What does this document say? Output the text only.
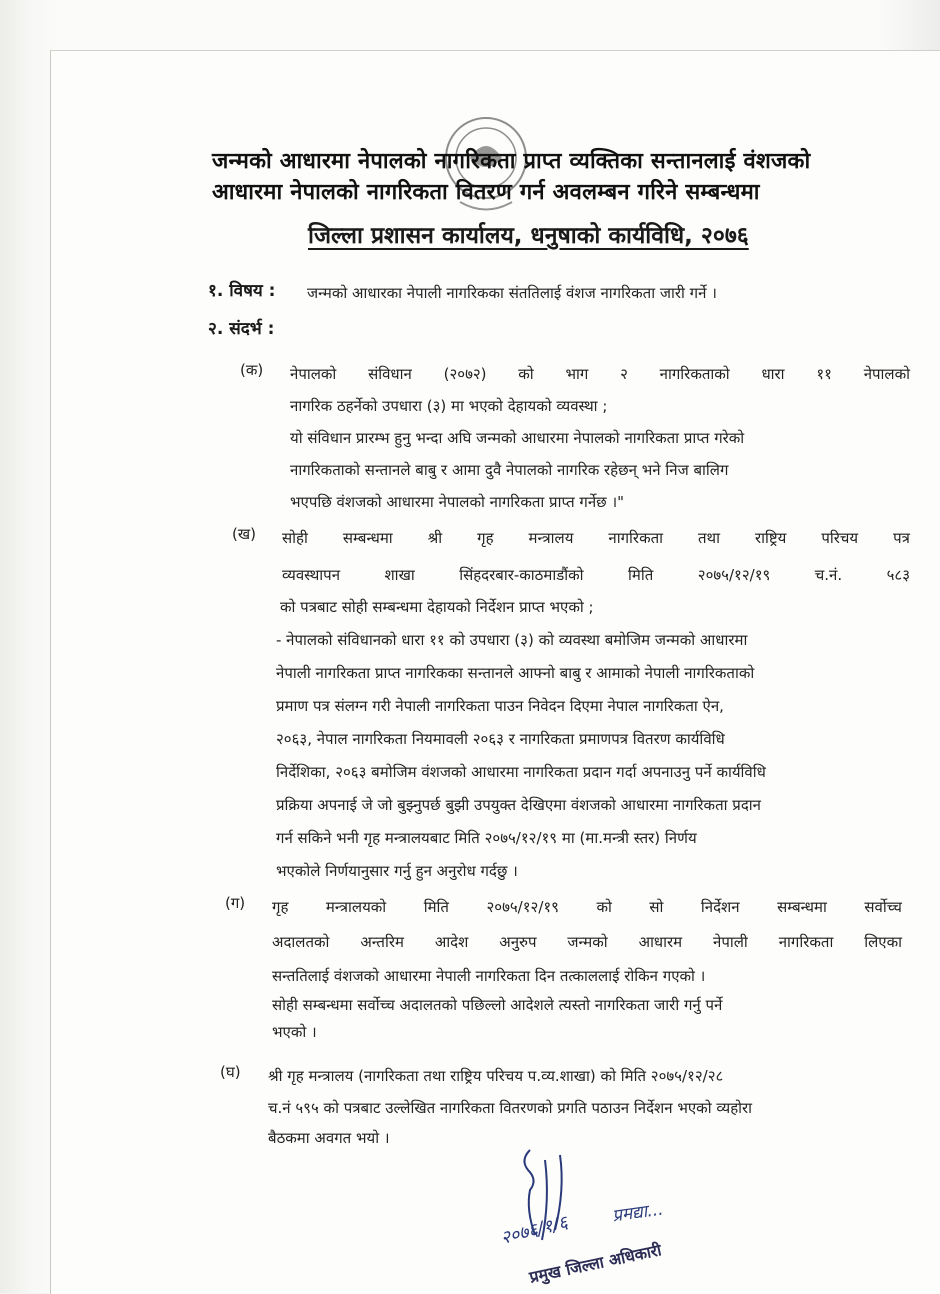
जन्मको आधारमा नेपालको नागरिकता प्राप्त व्यक्तिका सन्तानलाई वंशजको
आधारमा नेपालको नागरिकता वितरण गर्न अवलम्बन गरिने सम्बन्धमा
जिल्ला प्रशासन कार्यालय, धनुषाको कार्यविधि, २०७६
१. विषय : जन्मको आधारका नेपाली नागरिकका संततिलाई वंशज नागरिकता जारी गर्ने ।
२. संदर्भ :
(क) नेपालको संविधान (२०७२) को भाग २ नागरिकताको धारा ११ नेपालको
नागरिक ठहर्नेको उपधारा (३) मा भएको देहायको व्यवस्था ;
यो संविधान प्रारम्भ हुनु भन्दा अघि जन्मको आधारमा नेपालको नागरिकता प्राप्त गरेको
नागरिकताको सन्तानले बाबु र आमा दुवै नेपालको नागरिक रहेछन् भने निज बालिग
भएपछि वंशजको आधारमा नेपालको नागरिकता प्राप्त गर्नेछ ।"
(ख) सोही सम्बन्धमा श्री गृह मन्त्रालय नागरिकता तथा राष्ट्रिय परिचय पत्र
व्यवस्थापन	शाखा	सिंहदरबार-काठमाडौंको	मिति	२०७५/१२/१९	च.नं.	५८३
को पत्रबाट सोही सम्बन्धमा देहायको निर्देशन प्राप्त भएको ;
- नेपालको संविधानको धारा ११ को उपधारा (३) को व्यवस्था बमोजिम जन्मको आधारमा
नेपाली नागरिकता प्राप्त नागरिकका सन्तानले आफ्नो बाबु र आमाको नेपाली नागरिकताको
प्रमाण पत्र संलग्न गरी नेपाली नागरिकता पाउन निवेदन दिएमा नेपाल नागरिकता ऐन,
२०६३, नेपाल नागरिकता नियमावली २०६३ र नागरिकता प्रमाणपत्र वितरण कार्यविधि
निर्देशिका, २०६३ बमोजिम वंशजको आधारमा नागरिकता प्रदान गर्दा अपनाउनु पर्ने कार्यविधि
प्रक्रिया अपनाई जे जो बुझ्नुपर्छ बुझी उपयुक्त देखिएमा वंशजको आधारमा नागरिकता प्रदान
गर्न सकिने भनी गृह मन्त्रालयबाट मिति २०७५/१२/१९ मा (मा.मन्त्री स्तर) निर्णय
भएकोले निर्णयानुसार गर्नु हुन अनुरोध गर्दछु ।
(ग) गृह मन्त्रालयको मिति २०७५/१२/१९ को सो निर्देशन सम्बन्धमा सर्वोच्च
अदालतको अन्तरिम आदेश अनुरुप जन्मको आधारम नेपाली नागरिकता लिएका
सन्ततिलाई वंशजको आधारमा नेपाली नागरिकता दिन तत्काललाई रोकिन गएको ।
सोही सम्बन्धमा सर्वोच्च अदालतको पछिल्लो आदेशले त्यस्तो नागरिकता जारी गर्नु पर्ने
भएको ।
(घ) श्री गृह मन्त्रालय (नागरिकता तथा राष्ट्रिय परिचय प.व्य.शाखा) को मिति २०७५/१२/२८
च.नं ५९५ को पत्रबाट उल्लेखित नागरिकता वितरणको प्रगति पठाउन निर्देशन भएको व्यहोरा
बैठकमा अवगत भयो ।
२०७६/१/६ प्रमद्या...
प्रमुख जिल्ला अधिकारी
